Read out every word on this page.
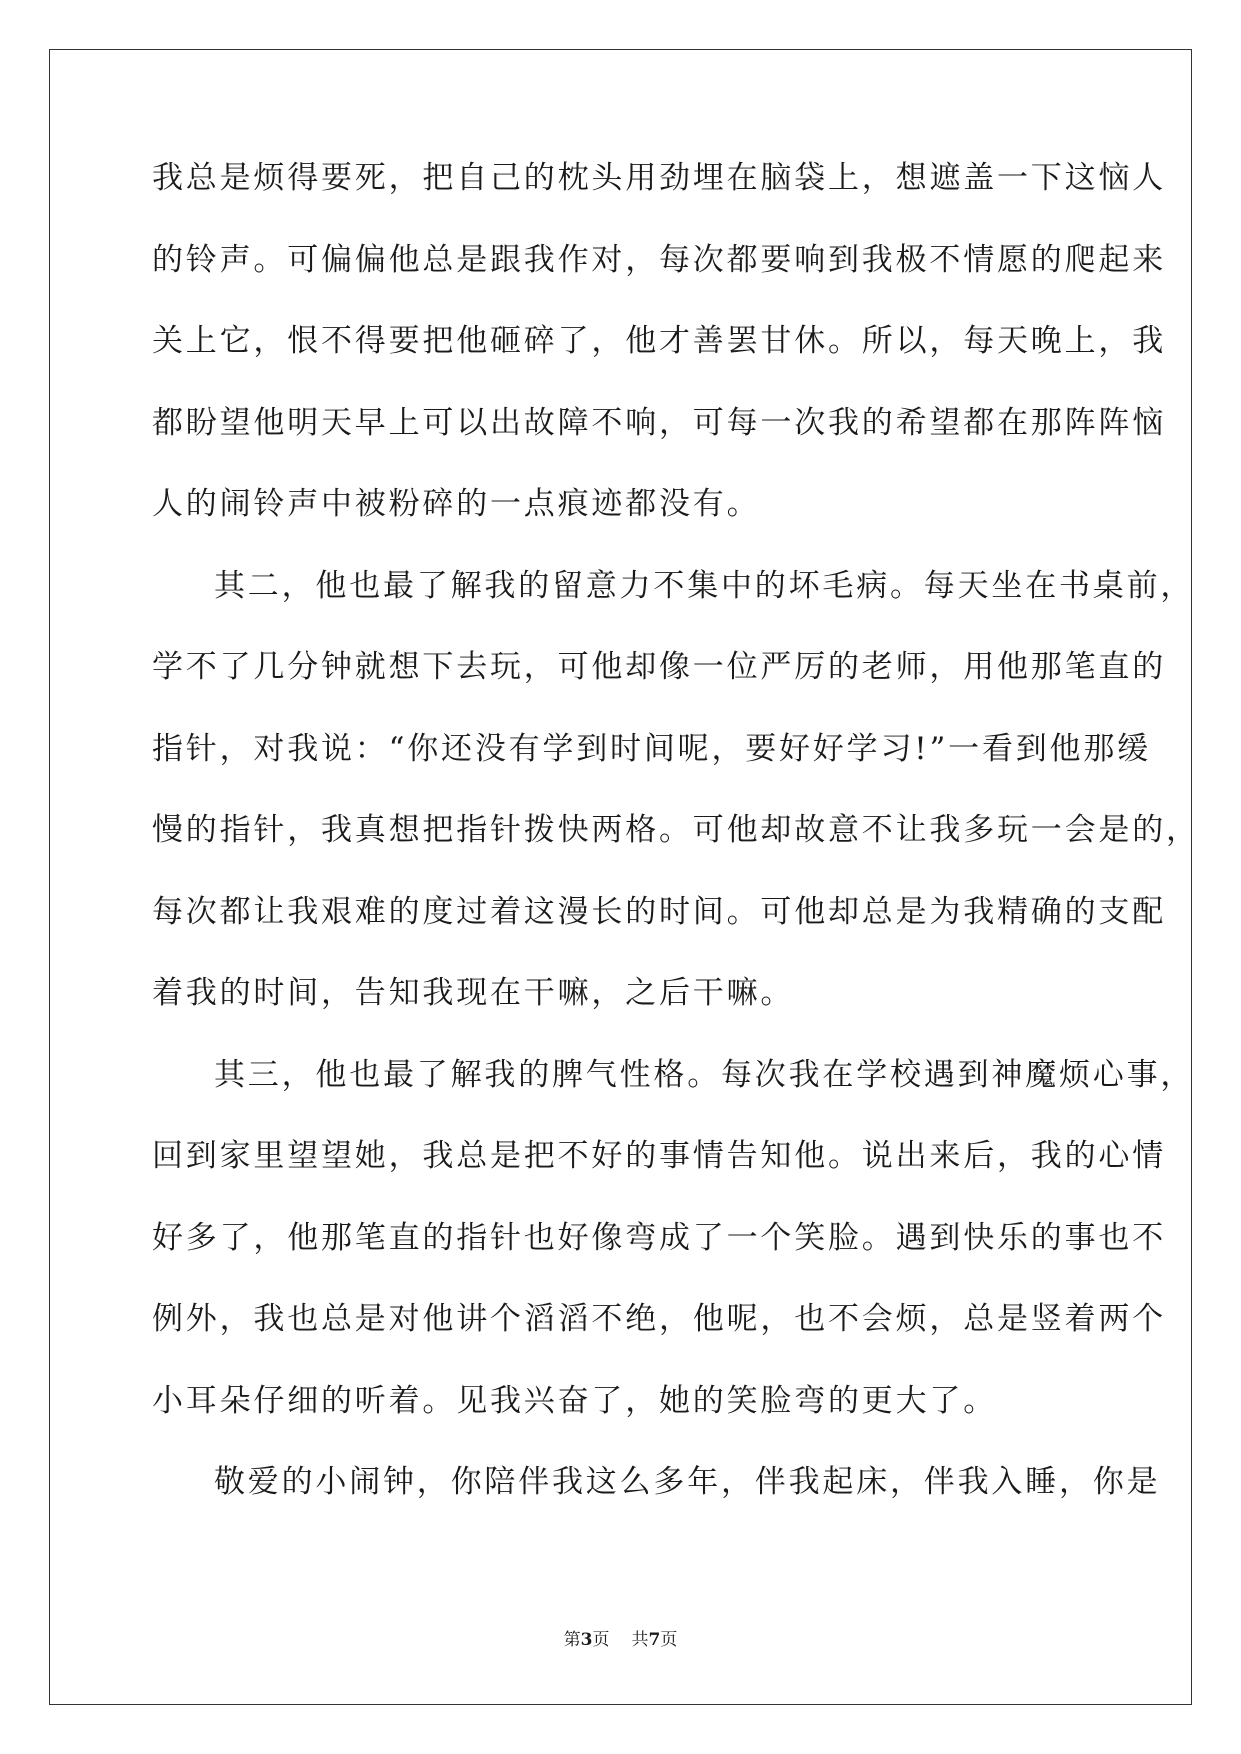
我总是烦得要死，把自己的枕头用劲埋在脑袋上，想遮盖一下这恼人
的铃声。可偏偏他总是跟我作对，每次都要响到我极不情愿的爬起来
关上它，恨不得要把他砸碎了，他才善罢甘休。所以，每天晚上，我
都盼望他明天早上可以出故障不响，可每一次我的希望都在那阵阵恼
人的闹铃声中被粉碎的一点痕迹都没有。
其二，他也最了解我的留意力不集中的坏毛病。每天坐在书桌前，
学不了几分钟就想下去玩，可他却像一位严厉的老师，用他那笔直的
指针，对我说：“你还没有学到时间呢，要好好学习!”一看到他那缓
慢的指针，我真想把指针拨快两格。可他却故意不让我多玩一会是的，
每次都让我艰难的度过着这漫长的时间。可他却总是为我精确的支配
着我的时间，告知我现在干嘛，之后干嘛。
其三，他也最了解我的脾气性格。每次我在学校遇到神魔烦心事，
回到家里望望她，我总是把不好的事情告知他。说出来后，我的心情
好多了，他那笔直的指针也好像弯成了一个笑脸。遇到快乐的事也不
例外，我也总是对他讲个滔滔不绝，他呢，也不会烦，总是竖着两个
小耳朵仔细的听着。见我兴奋了，她的笑脸弯的更大了。
敬爱的小闹钟，你陪伴我这么多年，伴我起床，伴我入睡，你是
第3页 共7页
